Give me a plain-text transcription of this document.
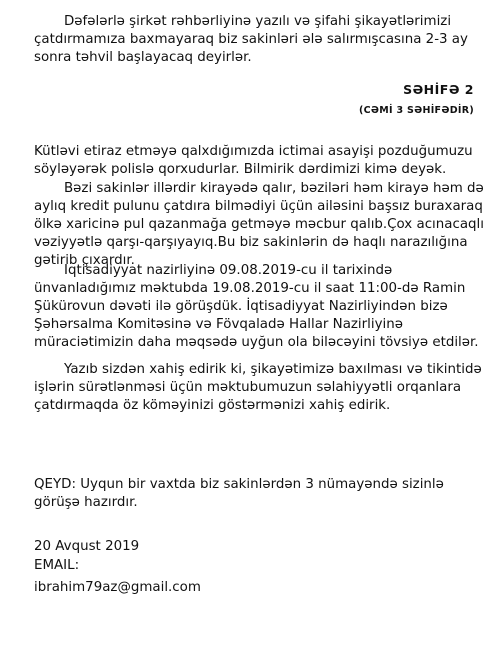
Dəfələrlə şirkət rəhbərliyinə yazılı və şifahi şikayətlərimizi çatdırmamıza baxmayaraq biz sakinləri ələ salırmışcasına 2-3 ay sonra təhvil başlayacaq deyirlər.

SƏHİFƏ 2

(CƏMİ 3 SƏHİFƏDİR)

Kütləvi etiraz etməyə qalxdığımızda ictimai asayişi pozduğumuzu söyləyərək polislə qorxudurlar. Bilmirik dərdimizi kimə deyək.

Bəzi sakinlər illərdir kirayədə qalır, bəziləri həm kirayə həm də aylıq kredit pulunu çatdıra bilmədiyi üçün ailəsini başsız buraxaraq ölkə xaricinə pul qazanmağa getməyə məcbur qalıb.Çox acınacaqlı vəziyyətlə qarşı-qarşıyayıq.Bu biz sakinlərin də haqlı narazılığına gətirib çıxardır.

Iqtisadiyyat nazirliyinə 09.08.2019-cu il tarixində ünvanladığımız məktubda 19.08.2019-cu il saat 11:00-də Ramin Şükürovun dəvəti ilə görüşdük. İqtisadiyyat Nazirliyindən bizə Şəhərsalma Komitəsinə və Fövqaladə Hallar Nazirliyinə müraciətimizin daha məqsədə uyğun ola biləcəyini tövsiyə etdilər.

Yazıb sizdən xahiş edirik ki, şikayətimizə baxılması və tikintidə işlərin sürətlənməsi üçün məktubumuzun səlahiyyətli orqanlara çatdırmaqda öz köməyinizi göstərmənizi xahiş edirik.

QEYD: Uyqun bir vaxtda biz sakinlərdən 3 nümayəndə sizinlə görüşə hazırdır.

20 Avqust 2019

EMAIL:

ibrahim79az@gmail.com
